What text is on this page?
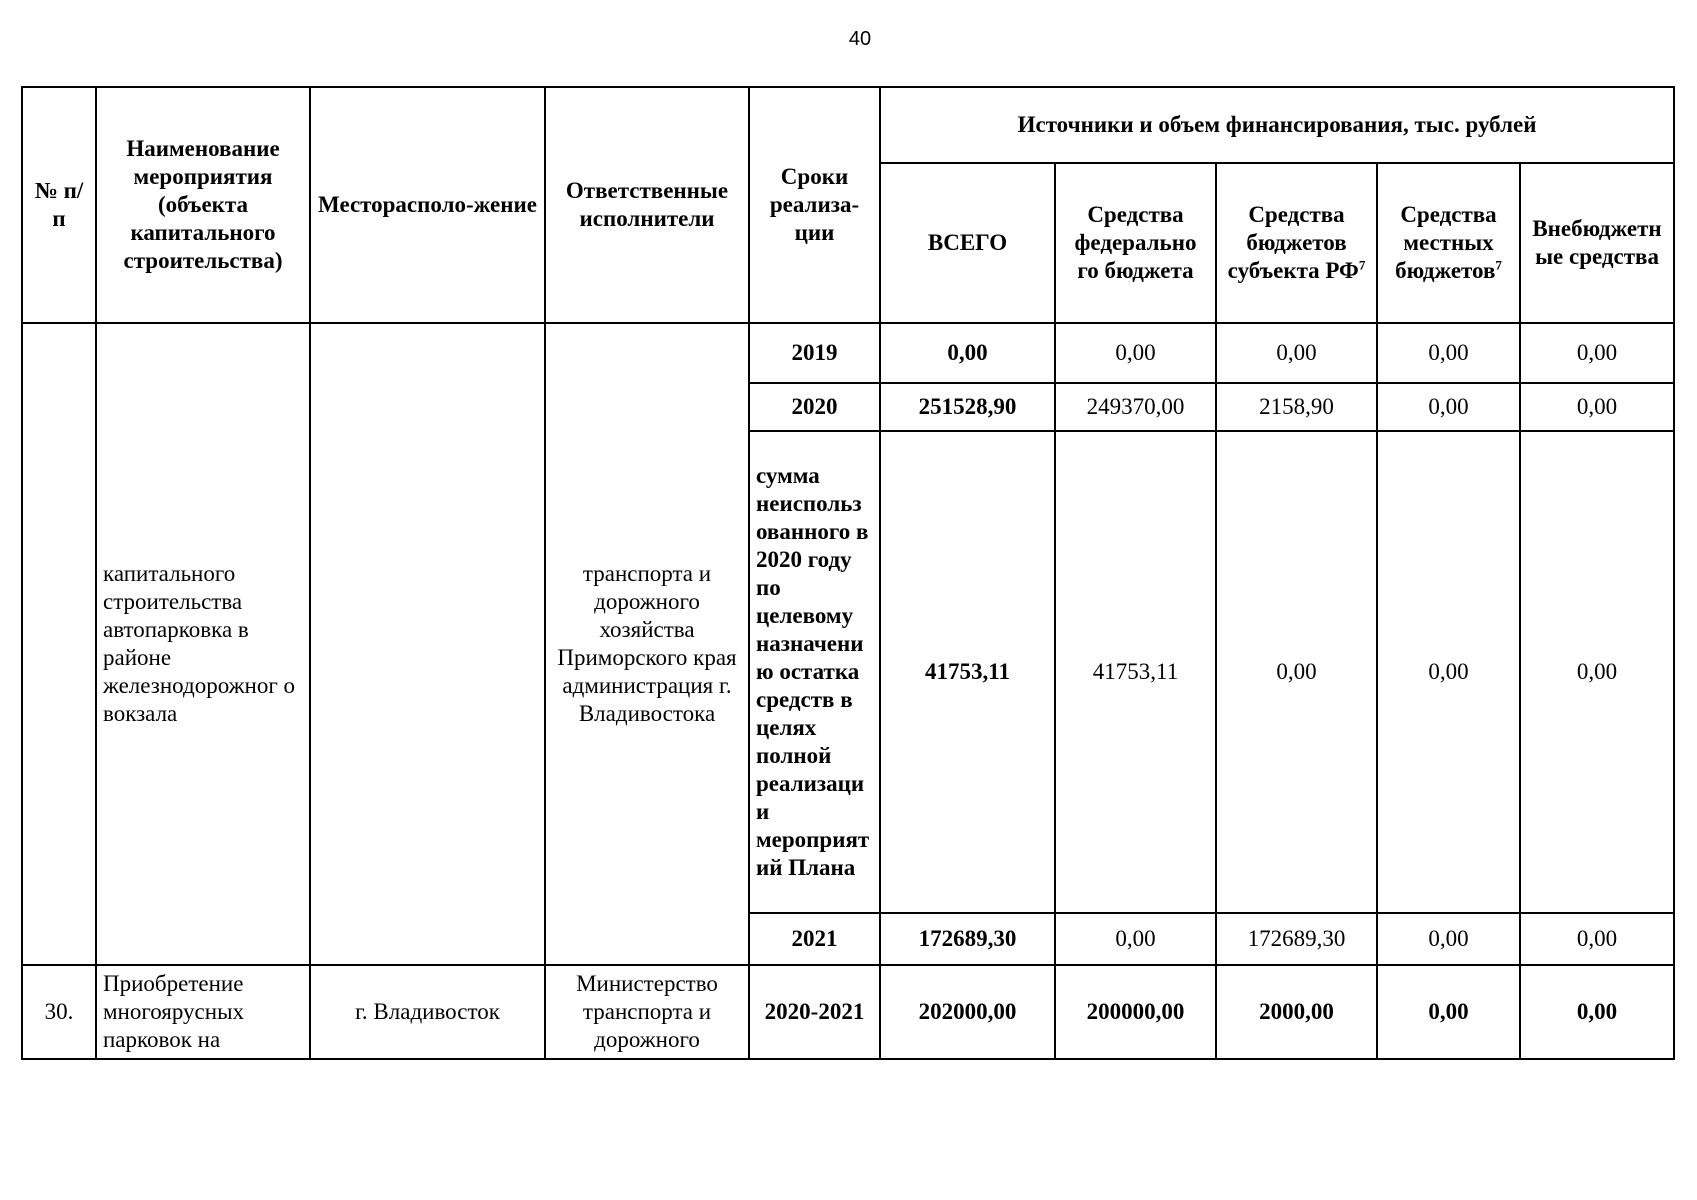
40
№ п/п	Наименование мероприятия (объекта капитального строительства)	Месторасполо-жение	Ответственные исполнители	Сроки реализа-ции	Источники и объем финансирования, тыс. рублей				
					ВСЕГО	Средства федерально го бюджета	Средства бюджетов субъекта $РФ^7$	Средства местных бюджетов$^7$	Внебюджетн ые средства
	капитального строительства автопарковка в районе железнодорожног о вокзала		транспорта и дорожного хозяйства Приморского края администрация г. Владивостока	2019	0,00	0,00	0,00	0,00	0,00
				2020	251528,90	249370,00	2158,90	0,00	0,00
				сумма неиспользованного в 2020 году по целевому назначению остатка средств в целях полной реализации мероприятий Плана	41753,11	41753,11	0,00	0,00	0,00
				2021	172689,30	0,00	172689,30	0,00	0,00
30.	Приобретение многоярусных парковок на	г. Владивосток	Министерство транспорта и дорожного	2020-2021	202000,00	200000,00	2000,00	0,00	0,00
